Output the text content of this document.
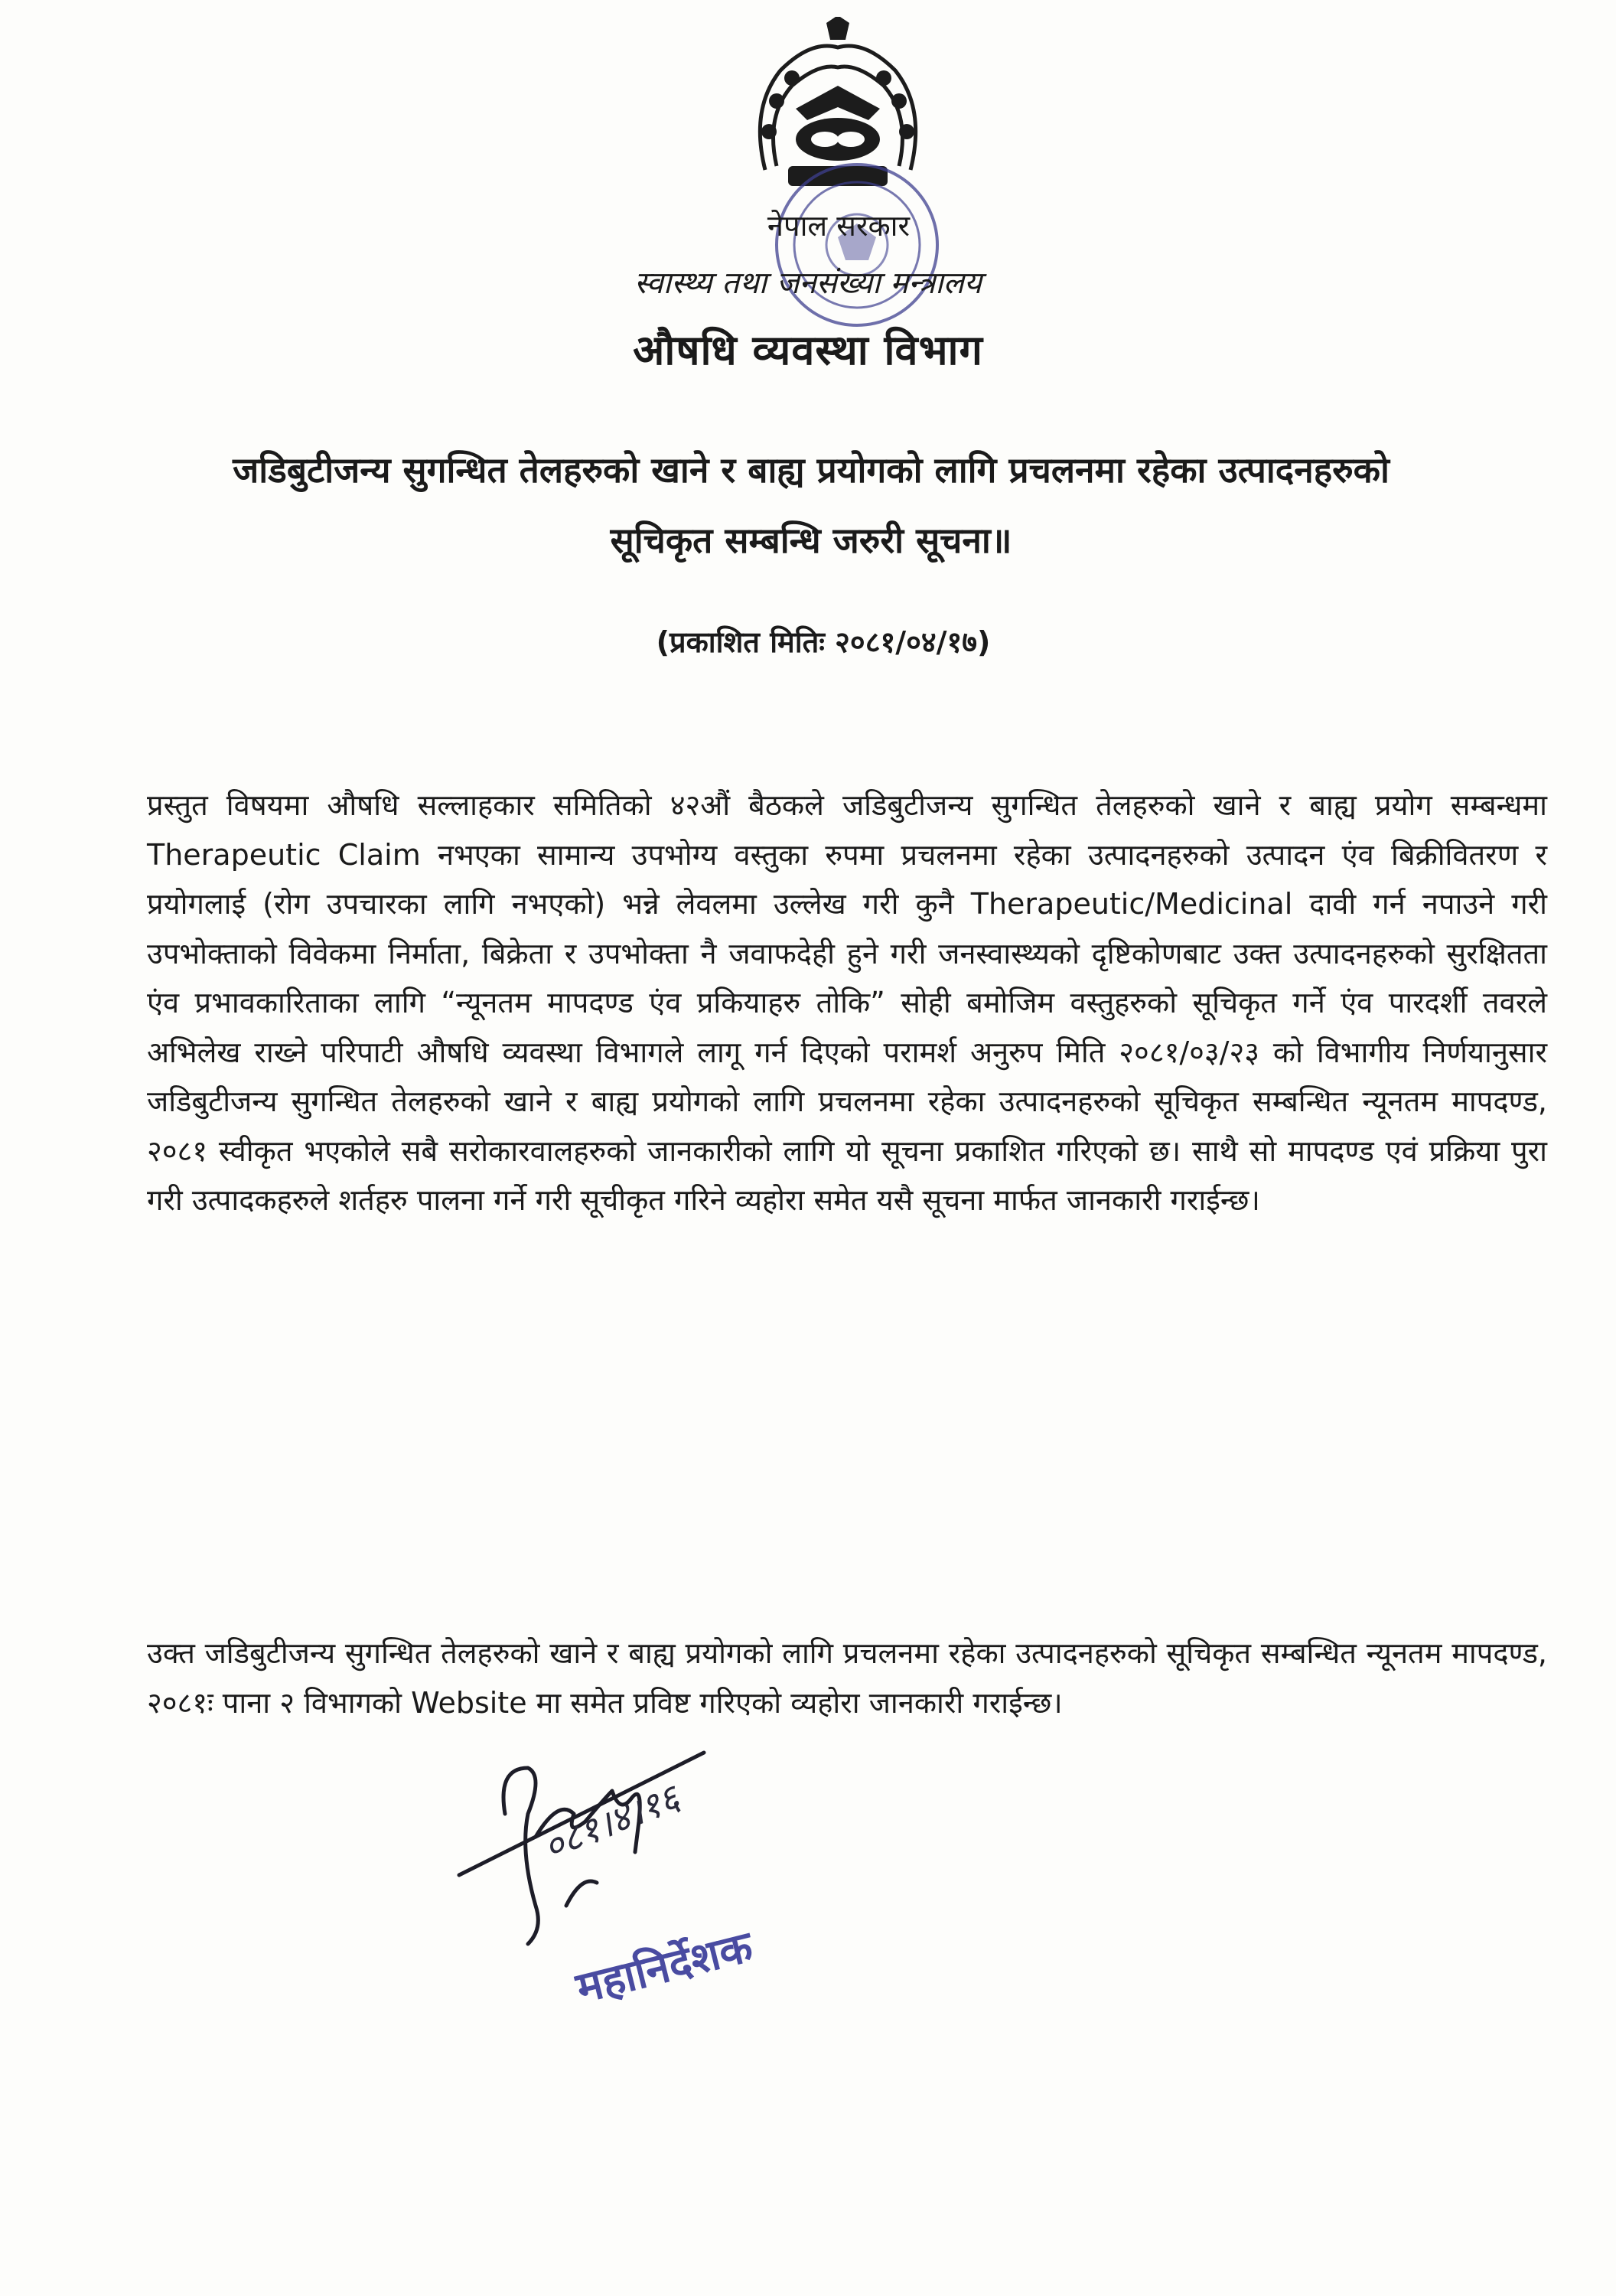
नेपाल सरकार
स्वास्थ्य तथा जनसंख्या मन्त्रालय
औषधि व्यवस्था विभाग
जडिबुटीजन्य सुगन्धित तेलहरुको खाने र बाह्य प्रयोगको लागि प्रचलनमा रहेका उत्पादनहरुको
सूचिकृत सम्बन्धि जरुरी सूचना॥
(प्रकाशित मितिः २०८१/०४/१७)

प्रस्तुत विषयमा औषधि सल्लाहकार समितिको ४२औं बैठकले जडिबुटीजन्य सुगन्धित तेलहरुको खाने र बाह्य प्रयोग सम्बन्धमा Therapeutic Claim नभएका सामान्य उपभोग्य वस्तुका रुपमा प्रचलनमा रहेका उत्पादनहरुको उत्पादन एंव बिक्रीवितरण र प्रयोगलाई (रोग उपचारका लागि नभएको) भन्ने लेवलमा उल्लेख गरी कुनै Therapeutic/Medicinal दावी गर्न नपाउने गरी उपभोक्ताको विवेकमा निर्माता, बिक्रेता र उपभोक्ता नै जवाफदेही हुने गरी जनस्वास्थ्यको दृष्टिकोणबाट उक्त उत्पादनहरुको सुरक्षितता एंव प्रभावकारिताका लागि “न्यूनतम मापदण्ड एंव प्रकियाहरु तोकि” सोही बमोजिम वस्तुहरुको सूचिकृत गर्ने एंव पारदर्शी तवरले अभिलेख राख्ने परिपाटी औषधि व्यवस्था विभागले लागू गर्न दिएको परामर्श अनुरुप मिति २०८१/०३/२३ को विभागीय निर्णयानुसार जडिबुटीजन्य सुगन्धित तेलहरुको खाने र बाह्य प्रयोगको लागि प्रचलनमा रहेका उत्पादनहरुको सूचिकृत सम्बन्धित न्यूनतम मापदण्ड, २०८१ स्वीकृत भएकोले सबै सरोकारवालहरुको जानकारीको लागि यो सूचना प्रकाशित गरिएको छ। साथै सो मापदण्ड एवं प्रक्रिया पुरा गरी उत्पादकहरुले शर्तहरु पालना गर्ने गरी सूचीकृत गरिने व्यहोरा समेत यसै सूचना मार्फत जानकारी गराईन्छ।

उक्त जडिबुटीजन्य सुगन्धित तेलहरुको खाने र बाह्य प्रयोगको लागि प्रचलनमा रहेका उत्पादनहरुको सूचिकृत सम्बन्धित न्यूनतम मापदण्ड, २०८१ः पाना २ विभागको Website मा समेत प्रविष्ट गरिएको व्यहोरा जानकारी गराईन्छ।

०८१।४।१६
महानिर्देशक
